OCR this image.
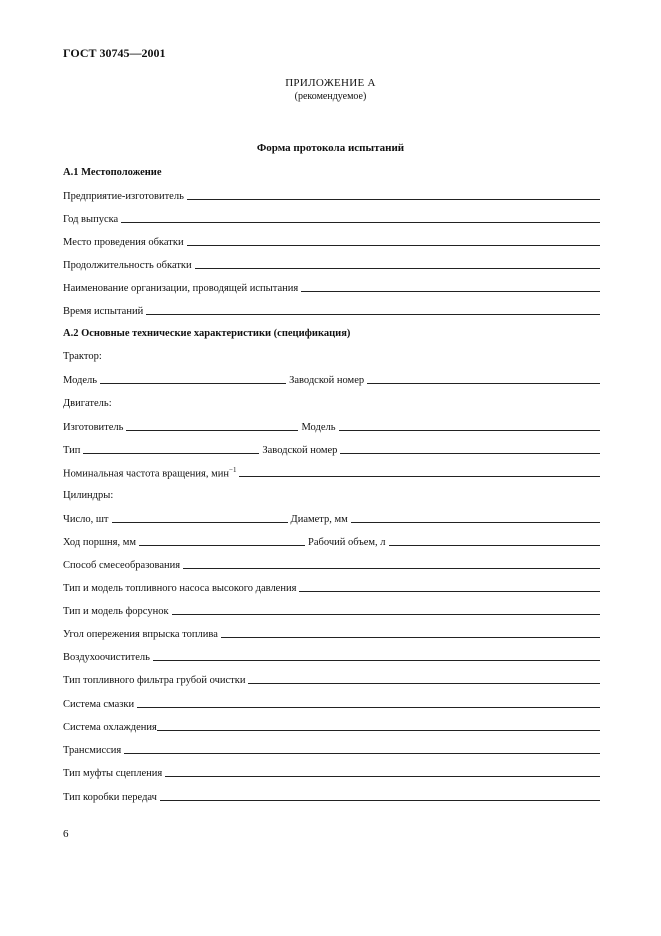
ГОСТ 30745—2001
ПРИЛОЖЕНИЕ А
(рекомендуемое)
Форма протокола испытаний
А.1 Местоположение
Предприятие-изготовитель
Год выпуска
Место проведения обкатки
Продолжительность обкатки
Наименование организации, проводящей испытания
Время испытаний
А.2 Основные технические характеристики (спецификация)
Трактор:
Модель	Заводской номер
Двигатель:
Изготовитель	Модель
Тип	Заводской номер
Номинальная частота вращения, мин$^{-1}$
Цилиндры:
Число, шт	Диаметр, мм
Ход поршня, мм	Рабочий объем, л
Способ смесеобразования
Тип и модель топливного насоса высокого давления
Тип и модель форсунок
Угол опережения впрыска топлива
Воздухоочиститель
Тип топливного фильтра грубой очистки
Система смазки
Система охлаждения
Трансмиссия
Тип муфты сцепления
Тип коробки передач
6
